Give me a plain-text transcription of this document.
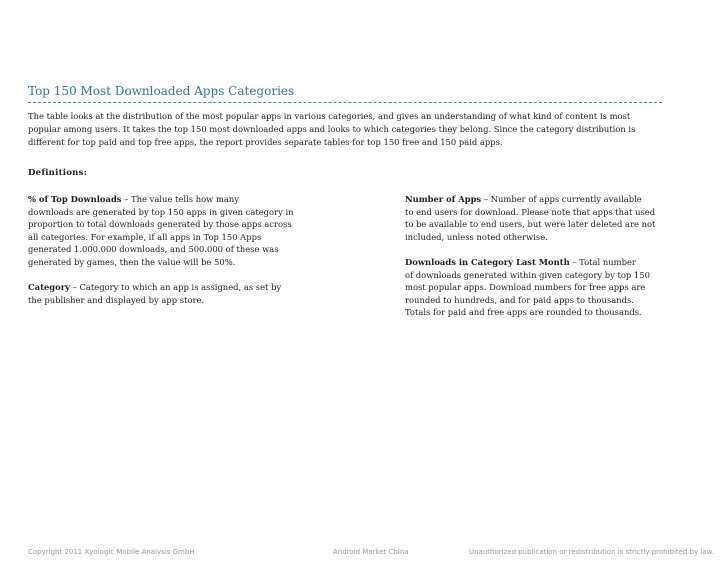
Top 150 Most Downloaded Apps Categories
The table looks at the distribution of the most popular apps in various categories, and gives an understanding of what kind of content is most
popular among users. It takes the top 150 most downloaded apps and looks to which categories they belong. Since the category distribution is
different for top paid and top free apps, the report provides separate tables for top 150 free and 150 paid apps.
Definitions:

% of Top Downloads – The value tells how many
downloads are generated by top 150 apps in given category in
proportion to total downloads generated by those apps across
all categories. For example, if all apps in Top 150 Apps
generated 1.000.000 downloads, and 500.000 of these was
generated by games, then the value will be 50%.

Category – Category to which an app is assigned, as set by
the publisher and displayed by app store.

Number of Apps – Number of apps currently available
to end users for download. Please note that apps that used
to be available to end users, but were later deleted are not
included, unless noted otherwise.

Downloads in Category Last Month – Total number
of downloads generated within given category by top 150
most popular apps. Download numbers for free apps are
rounded to hundreds, and for paid apps to thousands.
Totals for paid and free apps are rounded to thousands.

Copyright 2011 Xyologic Mobile Analysis GmbH	Android Market China	Unauthorized publication or redistribution is strictly prohibited by law.
